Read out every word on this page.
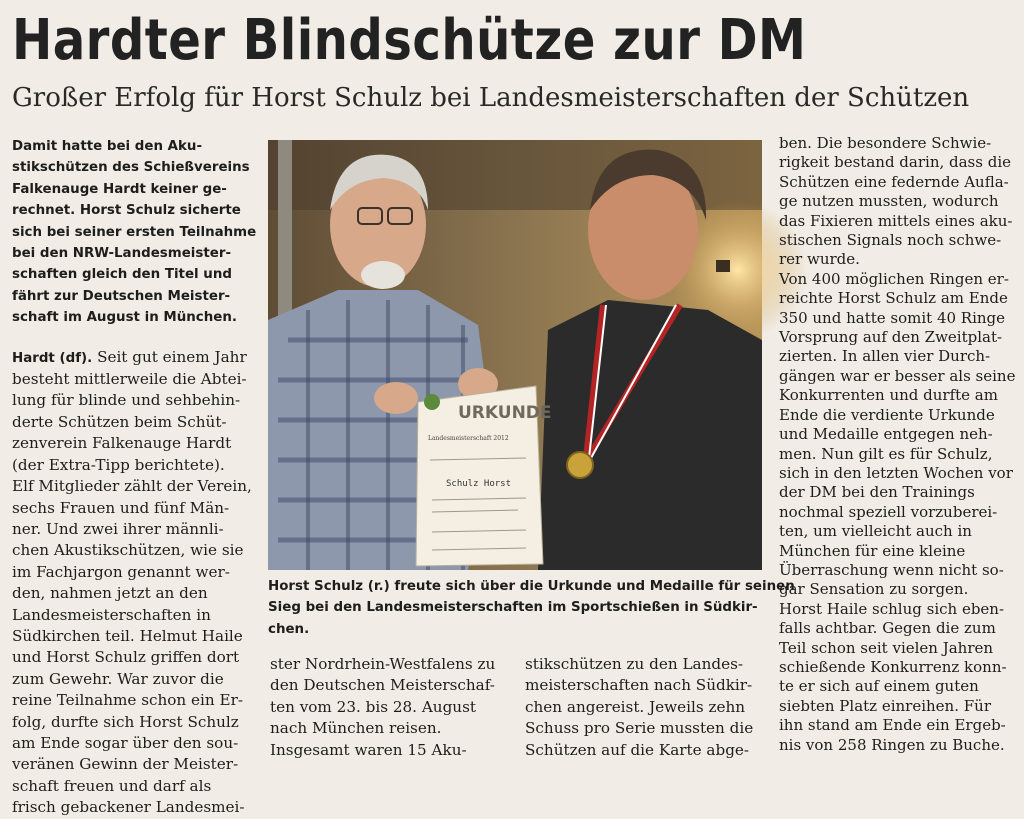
Hardter Blindschütze zur DM
Großer Erfolg für Horst Schulz bei Landesmeisterschaften der Schützen
Damit hatte bei den Aku-
stikschützen des Schießvereins
Falkenauge Hardt keiner ge-
rechnet. Horst Schulz sicherte
sich bei seiner ersten Teilnahme
bei den NRW-Landesmeister-
schaften gleich den Titel und
fährt zur Deutschen Meister-
schaft im August in München.
Hardt (df). Seit gut einem Jahr
besteht mittlerweile die Abtei-
lung für blinde und sehbehin-
derte Schützen beim Schüt-
zenverein Falkenauge Hardt
(der Extra-Tipp berichtete).
Elf Mitglieder zählt der Verein,
sechs Frauen und fünf Män-
ner. Und zwei ihrer männli-
chen Akustikschützen, wie sie
im Fachjargon genannt wer-
den, nahmen jetzt an den
Landesmeisterschaften in
Südkirchen teil. Helmut Haile
und Horst Schulz griffen dort
zum Gewehr. War zuvor die
reine Teilnahme schon ein Er-
folg, durfte sich Horst Schulz
am Ende sogar über den sou-
veränen Gewinn der Meister-
schaft freuen und darf als
frisch gebackener Landesmei-
URKUNDE
Landesmeisterschaft 2012
Schulz Horst
Horst Schulz (r.) freute sich über die Urkunde und Medaille für seinen
Sieg bei den Landesmeisterschaften im Sportschießen in Südkir-
chen.
ster Nordrhein-Westfalens zu
den Deutschen Meisterschaf-
ten vom 23. bis 28. August
nach München reisen.
Insgesamt waren 15 Aku-
stikschützen zu den Landes-
meisterschaften nach Südkir-
chen angereist. Jeweils zehn
Schuss pro Serie mussten die
Schützen auf die Karte abge-
ben. Die besondere Schwie-
rigkeit bestand darin, dass die
Schützen eine federnde Aufla-
ge nutzen mussten, wodurch
das Fixieren mittels eines aku-
stischen Signals noch schwe-
rer wurde.
Von 400 möglichen Ringen er-
reichte Horst Schulz am Ende
350 und hatte somit 40 Ringe
Vorsprung auf den Zweitplat-
zierten. In allen vier Durch-
gängen war er besser als seine
Konkurrenten und durfte am
Ende die verdiente Urkunde
und Medaille entgegen neh-
men. Nun gilt es für Schulz,
sich in den letzten Wochen vor
der DM bei den Trainings
nochmal speziell vorzuberei-
ten, um vielleicht auch in
München für eine kleine
Überraschung wenn nicht so-
gar Sensation zu sorgen.
Horst Haile schlug sich eben-
falls achtbar. Gegen die zum
Teil schon seit vielen Jahren
schießende Konkurrenz konn-
te er sich auf einem guten
siebten Platz einreihen. Für
ihn stand am Ende ein Ergeb-
nis von 258 Ringen zu Buche.
